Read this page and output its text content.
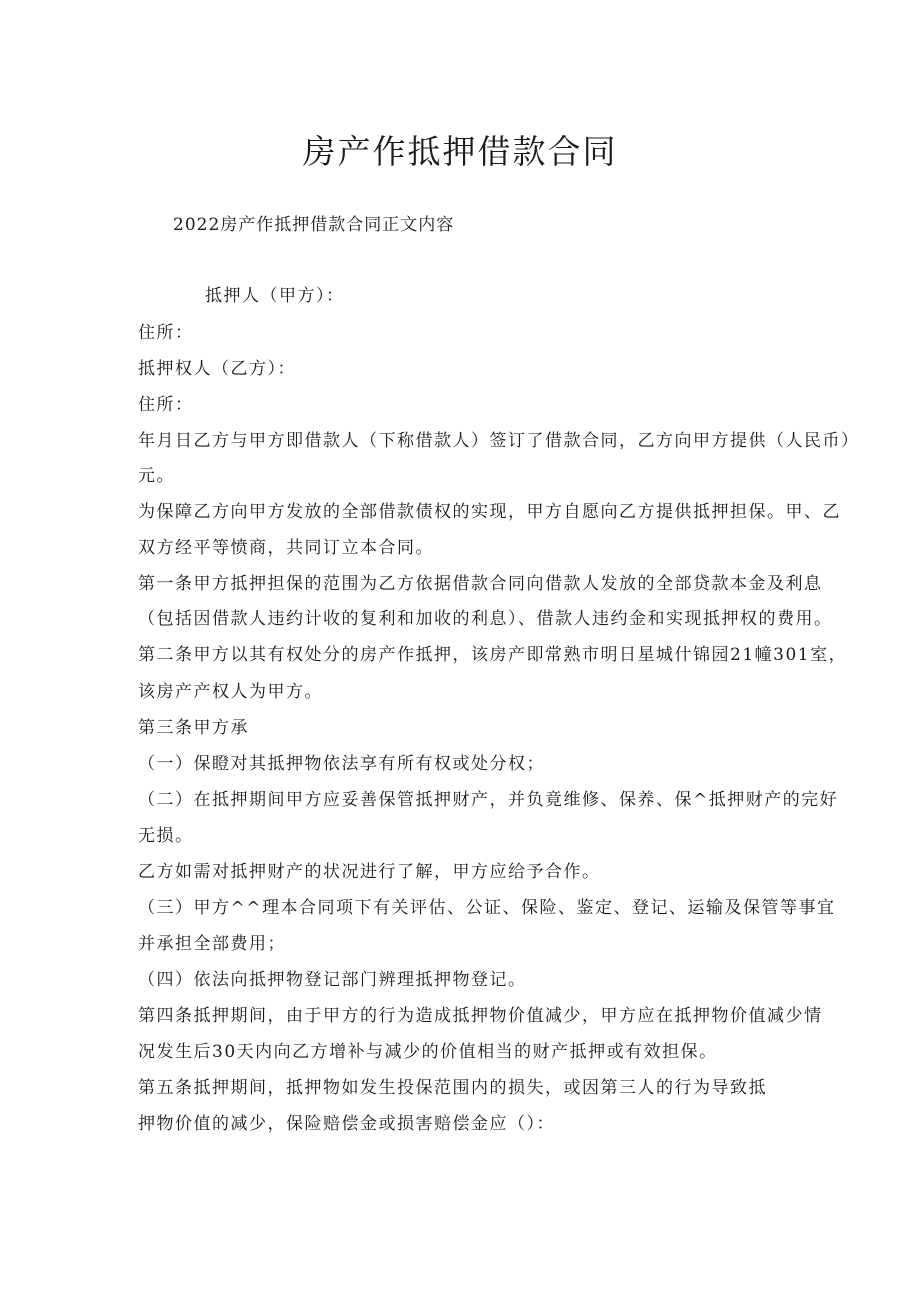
房产作抵押借款合同
2022房产作抵押借款合同正文内容
抵押人（甲方）：
住所：
抵押权人（乙方）：
住所：
年月日乙方与甲方即借款人（下称借款人）签订了借款合同，乙方向甲方提供（人民币）
元。
为保障乙方向甲方发放的全部借款债权的实现，甲方自愿向乙方提供抵押担保。甲、乙
双方经平等愤商，共同订立本合同。
第一条甲方抵押担保的范围为乙方依据借款合同向借款人发放的全部贷款本金及利息
（包括因借款人违约计收的复利和加收的利息）、借款人违约金和实现抵押权的费用。
第二条甲方以其有权处分的房产作抵押，该房产即常熟市明日星城什锦园21幢301室，
该房产产权人为甲方。
第三条甲方承
（一）保瞪对其抵押物依法享有所有权或处分权；
（二）在抵押期间甲方应妥善保管抵押财产，并负竟维修、保养、保^抵押财产的完好
无损。
乙方如需对抵押财产的状况进行了解，甲方应给予合作。
（三）甲方^^理本合同项下有关评估、公证、保险、鉴定、登记、运输及保管等事宜
并承担全部费用；
（四）依法向抵押物登记部门辨理抵押物登记。
第四条抵押期间，由于甲方的行为造成抵押物价值减少，甲方应在抵押物价值减少情
况发生后30天内向乙方增补与减少的价值相当的财产抵押或有效担保。
第五条抵押期间，抵押物如发生投保范围内的损失，或因第三人的行为导致抵
押物价值的减少，保险赔偿金或损害赔偿金应（）：
